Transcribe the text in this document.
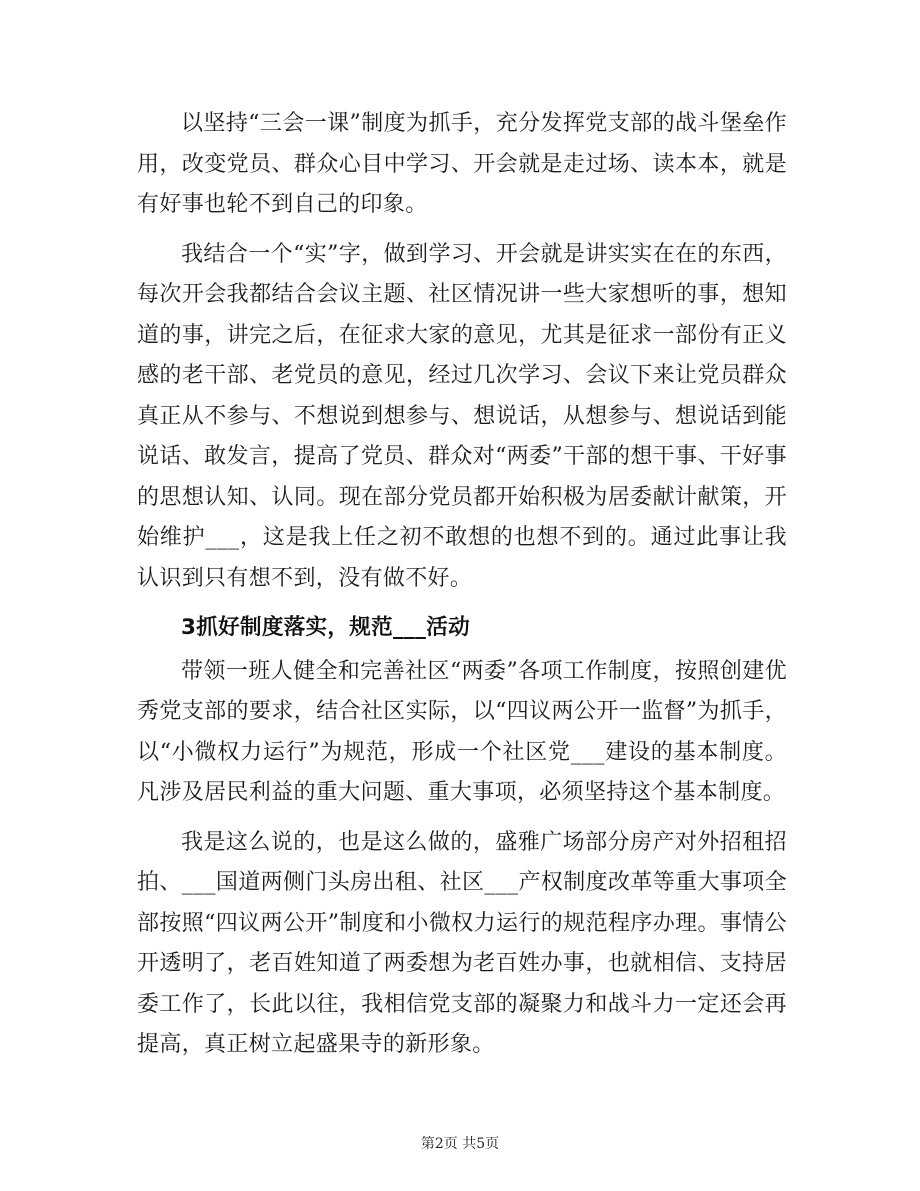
以坚持“三会一课”制度为抓手，充分发挥党支部的战斗堡垒作用，改变党员、群众心目中学习、开会就是走过场、读本本，就是有好事也轮不到自己的印象。

我结合一个“实”字，做到学习、开会就是讲实实在在的东西，每次开会我都结合会议主题、社区情况讲一些大家想听的事，想知道的事，讲完之后，在征求大家的意见，尤其是征求一部份有正义感的老干部、老党员的意见，经过几次学习、会议下来让党员群众真正从不参与、不想说到想参与、想说话，从想参与、想说话到能说话、敢发言，提高了党员、群众对“两委”干部的想干事、干好事的思想认知、认同。现在部分党员都开始积极为居委献计献策，开始维护___，这是我上任之初不敢想的也想不到的。通过此事让我认识到只有想不到，没有做不好。

3抓好制度落实，规范___活动

带领一班人健全和完善社区“两委”各项工作制度，按照创建优秀党支部的要求，结合社区实际，以“四议两公开一监督”为抓手，以“小微权力运行”为规范，形成一个社区党___建设的基本制度。凡涉及居民利益的重大问题、重大事项，必须坚持这个基本制度。

我是这么说的，也是这么做的，盛雅广场部分房产对外招租招拍、___国道两侧门头房出租、社区___产权制度改革等重大事项全部按照“四议两公开”制度和小微权力运行的规范程序办理。事情公开透明了，老百姓知道了两委想为老百姓办事，也就相信、支持居委工作了，长此以往，我相信党支部的凝聚力和战斗力一定还会再提高，真正树立起盛果寺的新形象。

第2页 共5页
